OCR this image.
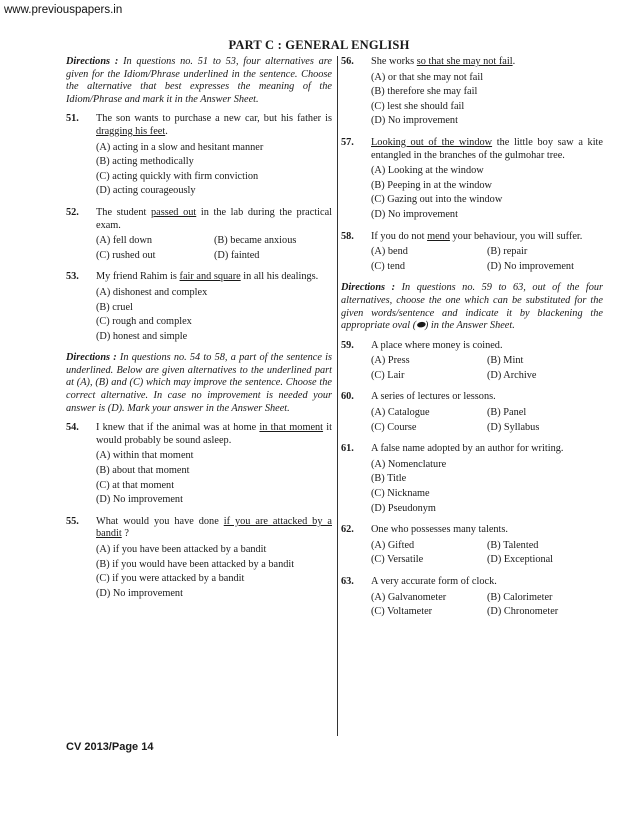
www.previouspapers.in
PART C : GENERAL ENGLISH

Directions : In questions no. 51 to 53, four alternatives are given for the Idiom/Phrase underlined in the sentence. Choose the alternative that best expresses the meaning of the Idiom/Phrase and mark it in the Answer Sheet.

51.	The son wants to purchase a new car, but his father is dragging his feet.
(A) acting in a slow and hesitant manner
(B) acting methodically
(C) acting quickly with firm conviction
(D) acting courageously
52.	The student passed out in the lab during the practical exam.
(A) fell down	(B) became anxious
(C) rushed out	(D) fainted
53.	My friend Rahim is fair and square in all his dealings.
(A) dishonest and complex
(B) cruel
(C) rough and complex
(D) honest and simple

Directions : In questions no. 54 to 58, a part of the sentence is underlined. Below are given alternatives to the underlined part at (A), (B) and (C) which may improve the sentence. Choose the correct alternative. In case no improvement is needed your answer is (D). Mark your answer in the Answer Sheet.

54.	I knew that if the animal was at home in that moment it would probably be sound asleep.
(A) within that moment
(B) about that moment
(C) at that moment
(D) No improvement
55.	What would you have done if you are attacked by a bandit ?
(A) if you have been attacked by a bandit
(B) if you would have been attacked by a bandit
(C) if you were attacked by a bandit
(D) No improvement
56.	She works so that she may not fail.
(A) or that she may not fail
(B) therefore she may fail
(C) lest she should fail
(D) No improvement
57.	Looking out of the window the little boy saw a kite entangled in the branches of the gulmohar tree.
(A) Looking at the window
(B) Peeping in at the window
(C) Gazing out into the window
(D) No improvement
58.	If you do not mend your behaviour, you will suffer.
(A) bend	(B) repair
(C) tend	(D) No improvement

Directions : In questions no. 59 to 63, out of the four alternatives, choose the one which can be substituted for the given words/sentence and indicate it by blackening the appropriate oval (⬬) in the Answer Sheet.

59.	A place where money is coined.
(A) Press	(B) Mint
(C) Lair	(D) Archive
60.	A series of lectures or lessons.
(A) Catalogue	(B) Panel
(C) Course	(D) Syllabus
61.	A false name adopted by an author for writing.
(A) Nomenclature
(B) Title
(C) Nickname
(D) Pseudonym
62.	One who possesses many talents.
(A) Gifted	(B) Talented
(C) Versatile	(D) Exceptional
63.	A very accurate form of clock.
(A) Galvanometer	(B) Calorimeter
(C) Voltameter	(D) Chronometer
CV 2013/Page 14
